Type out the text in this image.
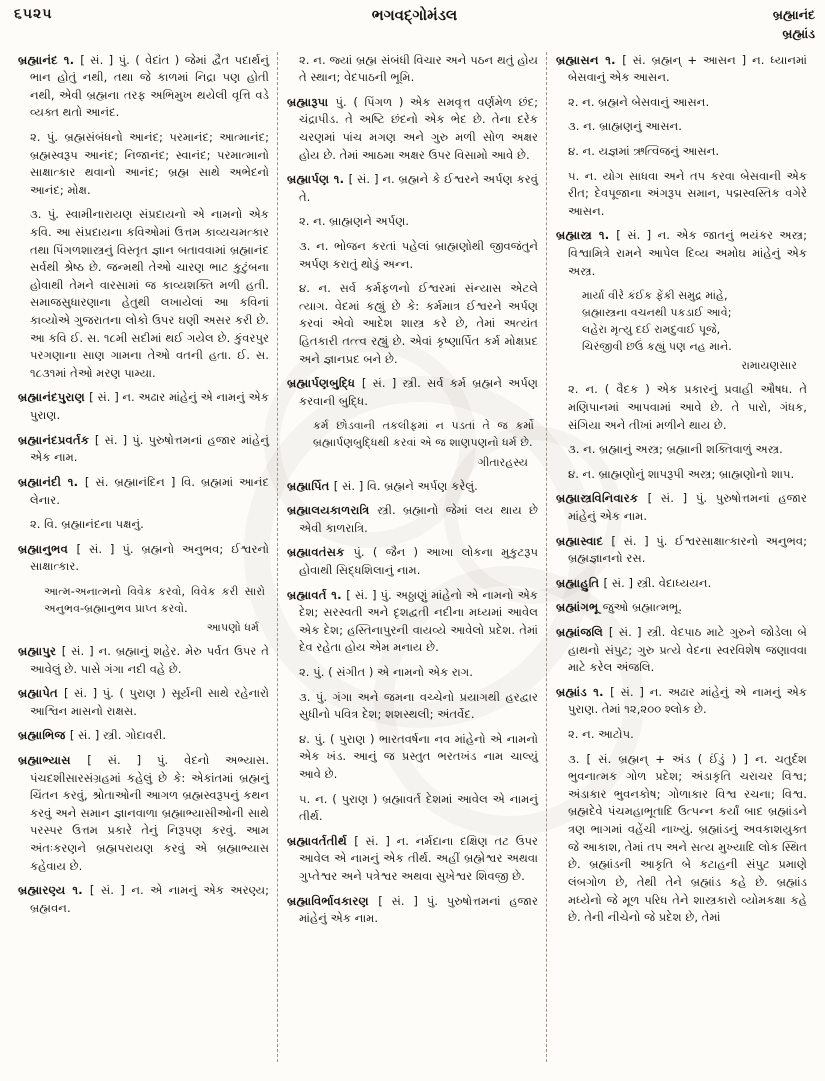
૬૫૨૫	ભગવદ્ગોમંડલ	બ્રહ્માનંદ
બ્રહ્માંડ

બ્રહ્માનંદ ૧. [ સં. ] પું. ( વેદાંત ) જેમાં દ્વૈત પદાર્થનું ભાન હોતું નથી, તથા જે કાળમાં નિદ્રા પણ હોતી નથી, એવી બ્રહ્મના તરફ અભિમુખ થયેલી વૃત્તિ વડે વ્યક્ત થતો આનંદ.

૨. પું. બ્રહ્મસંબંધનો આનંદ; પરમાનંદ; આત્માનંદ; બ્રહ્મસ્વરૂપ આનંદ; નિજાનંદ; સ્વાનંદ; પરમાત્માનો સાક્ષાત્કાર થવાનો આનંદ; બ્રહ્મ સાથે અભેદનો આનંદ; મોક્ષ.

૩. પું. સ્વામીનારાયણ સંપ્રદાયનો એ નામનો એક કવિ. આ સંપ્રદાયના કવિઓમાં ઉત્તમ કાવ્યચમત્કાર તથા પિંગળશાસ્ત્રનું વિસ્તૃત જ્ઞાન બતાવવામાં બ્રહ્માનંદ સર્વથી શ્રેષ્ઠ છે. જન્મથી તેઓ ચારણ ભાટ કુટુંબના હોવાથી તેમને વારસામાં જ કાવ્યશક્તિ મળી હતી. સમાજસુધારણાના હેતુથી લખાયેલાં આ કવિનાં કાવ્યોએ ગુજરાતના લોકો ઉપર ઘણી અસર કરી છે. આ કવિ ઈ. સ. ૧૮મી સદીમાં થઈ ગયેલ છે. કુંવરપુર પરગણાના સાણ ગામના તેઓ વતની હતા. ઈ. સ. ૧૮૩૧માં તેઓ મરણ પામ્યા.

બ્રહ્માનંદપુરાણ [ સં. ] ન. અઢાર માંહેનું એ નામનું એક પુરાણ.

બ્રહ્માનંદપ્રવર્તક [ સં. ] પું. પુરુષોત્તમનાં હજાર માંહેનું એક નામ.

બ્રહ્માનંદી ૧. [ સં. બ્રહ્માનંદિન ] વિ. બ્રહ્મમાં આનંદ લેનાર.

૨. વિ. બ્રહ્માનંદના પક્ષનું.

બ્રહ્માનુભવ [ સં. ] પું. બ્રહ્મનો અનુભવ; ઈશ્વરનો સાક્ષાત્કાર.

આત્મ-અનાત્મનો વિવેક કરવો, વિવેક કરી સારો અનુભવ-બ્રહ્માનુભવ પ્રાપ્ત કરવો.

આપણો ધર્મ

બ્રહ્માપુર [ સં. ] ન. બ્રહ્માનું શહેર. મેરુ પર્વત ઉપર તે આવેલું છે. પાસે ગંગા નદી વહે છે.

બ્રહ્માપેત [ સં. ] પું. ( પુરાણ ) સૂર્યની સાથે રહેનારો આશ્વિન માસનો રાક્ષસ.

બ્રહ્માભિજ [ સં. ] સ્ત્રી. ગોદાવરી.

બ્રહ્માભ્યાસ [ સં. ] પું. વેદનો અભ્યાસ. પંચદશીસારસંગ્રહમાં કહેલું છે કે: એકાંતમાં બ્રહ્મનું ચિંતન કરવું, શ્રોતાઓની આગળ બ્રહ્મસ્વરૂપનું કથન કરવું અને સમાન જ્ઞાનવાળા બ્રહ્માભ્યાસીઓની સાથે પરસ્પર ઉત્તમ પ્રકારે તેનું નિરૂપણ કરવું. આમ અંતઃકરણને બ્રહ્મપરાયણ કરવું એ બ્રહ્માભ્યાસ કહેવાય છે.

બ્રહ્મારણ્ય ૧. [ સં. ] ન. એ નામનું એક અરણ્ય; બ્રહ્મવન.

૨. ન. જ્યાં બ્રહ્મ સંબંધી વિચાર અને પઠન થતું હોય તે સ્થાન; વેદપાઠની ભૂમિ.

બ્રહ્મારૂપા પું. ( પિંગળ ) એક સમવૃત્ત વર્ણમેળ છંદ; ચંદ્રાપીડ. તે અષ્ટિ છંદનો એક ભેદ છે. તેના દરેક ચરણમાં પાંચ મગણ અને ગુરુ મળી સોળ અક્ષર હોય છે. તેમાં આઠમા અક્ષર ઉપર વિસામો આવે છે.

બ્રહ્માર્પણ ૧. [ સં. ] ન. બ્રહ્મને કે ઈશ્વરને અર્પણ કરવું તે.

૨. ન. બ્રાહ્મણને અર્પણ.

૩. ન. ભોજન કરતાં પહેલાં બ્રાહ્મણોથી જીવજંતુને અર્પણ કરાતું થોડું અન્ન.

૪. ન. સર્વ કર્મફળનો ઈશ્વરમાં સંન્યાસ એટલે ત્યાગ. વેદમાં કહ્યું છે કે: કર્મમાત્ર ઈશ્વરને અર્પણ કરવાં એવો આદેશ શાસ્ત્ર કરે છે, તેમાં અત્યંત હિતકારી તત્ત્વ રહ્યું છે. એવાં કૃષ્ણાર્પિત કર્મ મોક્ષપ્રદ અને જ્ઞાનપ્રદ બને છે.

બ્રહ્માર્પણબુદ્ધિ [ સં. ] સ્ત્રી. સર્વ કર્મ બ્રહ્મને અર્પણ કરવાની બુદ્ધિ.

કર્મ છોડવાની તકલીફમાં ન પડતાં તે જ કર્મો બ્રહ્માર્પણબુદ્ધિથી કરવાં એ જ શાણપણનો ધર્મ છે.

ગીતારહસ્ય

બ્રહ્માર્પિત [ સં. ] વિ. બ્રહ્મને અર્પણ કરેલું.

બ્રહ્માલયકાળરાત્રિ સ્ત્રી. બ્રહ્માનો જેમાં લય થાય છે એવી કાળરાત્રિ.

બ્રહ્માવતંસક પું. ( જૈન ) આખા લોકના મુકુટરૂપ હોવાથી સિદ્ધશિલાનું નામ.

બ્રહ્માવર્ત ૧. [ સં. ] પું. અઠ્ઠાણું માંહેનો એ નામનો એક દેશ; સરસ્વતી અને દૃશદ્વતી નદીના મધ્યમાં આવેલ એક દેશ; હસ્તિનાપુરની વાયવ્યે આવેલો પ્રદેશ. તેમાં દેવ રહેતા હોય એમ મનાય છે.

૨. પું. ( સંગીત ) એ નામનો એક રાગ.

૩. પું. ગંગા અને જમના વચ્ચેનો પ્રયાગથી હરદ્વાર સુધીનો પવિત્ર દેશ; શશસ્થલી; અંતર્વેદ.

૪. પું. ( પુરાણ ) ભારતવર્ષના નવ માંહેનો એ નામનો એક ખંડ. આનું જ પ્રસ્તુત ભરતખંડ નામ ચાલ્યું આવે છે.

૫. ન. ( પુરાણ ) બ્રહ્માવર્ત દેશમાં આવેલ એ નામનું તીર્થ.

બ્રહ્માવર્તતીર્થ [ સં. ] ન. નર્મદાના દક્ષિણ તટ ઉપર આવેલ એ નામનું એક તીર્થ. અહીં બ્રહ્મેશ્વર અથવા ગુપ્તેશ્વર અને પત્રેશ્વર અથવા સુખેશ્વર શિવજી છે.

બ્રહ્માવિર્ભાવકારણ [ સં. ] પું. પુરુષોત્તમનાં હજાર માંહેનું એક નામ.

બ્રહ્માસન ૧. [ સં. બ્રહ્મન્ + આસન ] ન. ધ્યાનમાં બેસવાનું એક આસન.

૨. ન. બ્રહ્મને બેસવાનું આસન.

૩. ન. બ્રાહ્મણનું આસન.

૪. ન. યજ્ઞમાં ઋત્વિજનું આસન.

૫. ન. યોગ સાધવા અને તપ કરવા બેસવાની એક રીત; દેવપૂજાના અંગરૂપ સમાન, પદ્મસ્વસ્તિક વગેરે આસન.

બ્રહ્માસ્ત્ર ૧. [ સં. ] ન. એક જાતનું ભયંકર અસ્ત્ર; વિશ્વામિત્રે રામને આપેલ દિવ્ય અમોઘ માંહેનું એક અસ્ત્ર.

માર્યા વીરે કંઈક ફેંકી સમુદ્ર માંહે,
બ્રહ્માસ્ત્રના વચનથી પકડાઈ આવે;
લહેરા મૃત્યુ દઈ રામદુવાઈ પૂજે,
ચિરંજીવી છઉં કહ્યું પણ નહ માને.

રામાયણસાર

૨. ન. ( વૈદક ) એક પ્રકારનું પ્રવાહી ઔષધ. તે મણિપાનમાં આપવામાં આવે છે. તે પારો, ગંધક, સંગિયા અને તીખાં મળીને થાય છે.

૩. ન. બ્રહ્માનું અસ્ત્ર; બ્રહ્માની શક્તિવાળું અસ્ત્ર.

૪. ન. બ્રાહ્મણોનું શાપરૂપી અસ્ત્ર; બ્રાહ્મણોનો શાપ.

બ્રહ્માસ્ત્રવિનિવારક [ સં. ] પું. પુરુષોત્તમનાં હજાર માંહેનું એક નામ.

બ્રહ્માસ્વાદ [ સં. ] પું. ઈશ્વરસાક્ષાત્કારનો અનુભવ; બ્રહ્મજ્ઞાનનો રસ.

બ્રહ્માહુતિ [ સં. ] સ્ત્રી. વેદાધ્યયન.

બ્રહ્માંગભૂ જુઓ બ્રહ્માત્મભૂ.

બ્રહ્માંજલિ [ સં. ] સ્ત્રી. વેદપાઠ માટે ગુરુને જોડેલા બે હાથનો સંપુટ; ગુરુ પ્રત્યે વેદના સ્વરવિશેષ જણાવવા માટે કરેલ અંજલિ.

બ્રહ્માંડ ૧. [ સં. ] ન. અઢાર માંહેનું એ નામનું એક પુરાણ. તેમાં ૧૨,૨૦૦ શ્લોક છે.

૨. ન. આટોપ.

૩. [ સં. બ્રહ્મન્ + અંડ ( ઈંડું ) ] ન. ચતુર્દશ ભુવનાત્મક ગોળ પ્રદેશ; અંડાકૃતિ ચરાચર વિશ્વ; અંડાકાર ભુવનકોષ; ગોળાકાર વિશ્વ રચના; વિશ્વ. બ્રહ્મદેવે પંચમહાભૂતાદિ ઉત્પન્ન કર્યાં બાદ બ્રહ્માંડને ત્રણ ભાગમાં વહેંચી નાખ્યું. બ્રહ્માંડનું અવકાશયુક્ત જે આકાશ, તેમાં તપ અને સત્ય મુખ્યાદિ લોક સ્થિત છે. બ્રહ્માંડની આકૃતિ બે કટાહની સંપુટ પ્રમાણે લંબગોળ છે, તેથી તેને બ્રહ્માંડ કહે છે. બ્રહ્માંડ મધ્યેનો જે મૂળ પરિધ તેને શાસ્ત્રકારો વ્યોમકક્ષા કહે છે. તેની નીચેનો જે પ્રદેશ છે, તેમાં
